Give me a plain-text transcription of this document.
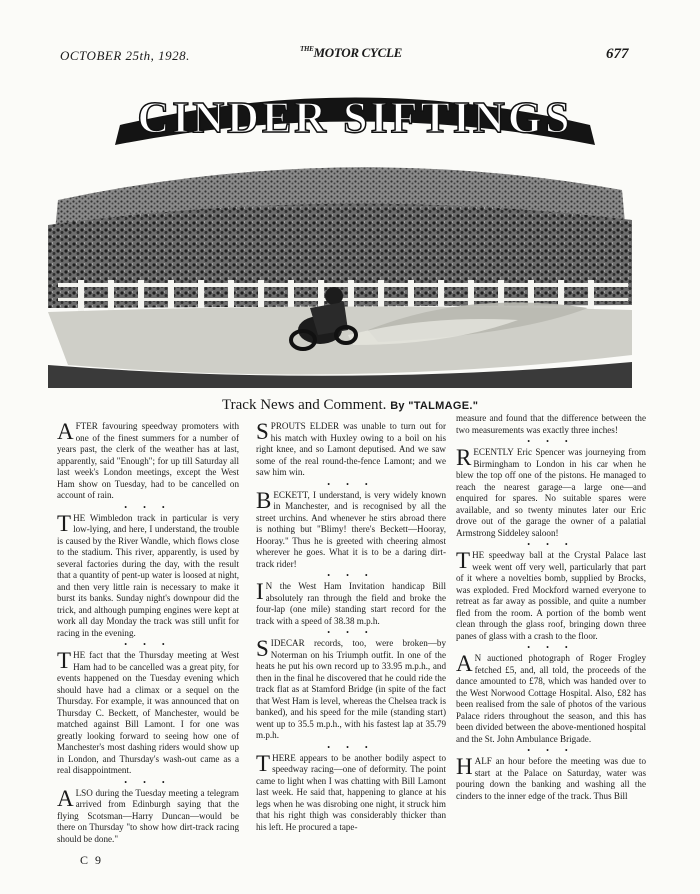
OCTOBER 25th, 1928.	$^{THE}$MOTOR CYCLE	677
CINDER SIFTINGS
Track News and Comment. By "TALMAGE."

AFTER favouring speedway promoters with one of the finest summers for a number of years past, the clerk of the weather has at last, apparently, said "Enough"; for up till Saturday all last week's London meetings, except the West Ham show on Tuesday, had to be cancelled on account of rain.

• • •

THE Wimbledon track in particular is very low-lying, and here, I understand, the trouble is caused by the River Wandle, which flows close to the stadium. This river, apparently, is used by several factories during the day, with the result that a quantity of pent-up water is loosed at night, and then very little rain is necessary to make it burst its banks. Sunday night's downpour did the trick, and although pumping engines were kept at work all day Monday the track was still unfit for racing in the evening.

• • •

THE fact that the Thursday meeting at West Ham had to be cancelled was a great pity, for events happened on the Tuesday evening which should have had a climax or a sequel on the Thursday. For example, it was announced that on Thursday C. Beckett, of Manchester, would be matched against Bill Lamont. I for one was greatly looking forward to seeing how one of Manchester's most dashing riders would show up in London, and Thursday's wash-out came as a real disappointment.

• • •

ALSO during the Tuesday meeting a telegram arrived from Edinburgh saying that the flying Scotsman—Harry Duncan—would be there on Thursday "to show how dirt-track racing should be done."

SPROUTS ELDER was unable to turn out for his match with Huxley owing to a boil on his right knee, and so Lamont deputised. And we saw some of the real round-the-fence Lamont; and we saw him win.

• • •

BECKETT, I understand, is very widely known in Manchester, and is recognised by all the street urchins. And whenever he stirs abroad there is nothing but "Blimy! there's Beckett—Hooray, Hooray." Thus he is greeted with cheering almost wherever he goes. What it is to be a daring dirt-track rider!

• • •

I N the West Ham Invitation handicap Bill absolutely ran through the field and broke the four-lap (one mile) standing start record for the track with a speed of 38.38 m.p.h.

• • •

SIDECAR records, too, were broken—by Noterman on his Triumph outfit. In one of the heats he put his own record up to 33.95 m.p.h., and then in the final he discovered that he could ride the track flat as at Stamford Bridge (in spite of the fact that West Ham is level, whereas the Chelsea track is banked), and his speed for the mile (standing start) went up to 35.5 m.p.h., with his fastest lap at 35.79 m.p.h.

• • •

THERE appears to be another bodily aspect to speedway racing—one of deformity. The point came to light when I was chatting with Bill Lamont last week. He said that, happening to glance at his legs when he was disrobing one night, it struck him that his right thigh was considerably thicker than his left. He procured a tape-

measure and found that the difference between the two measurements was exactly three inches!

• • •

RECENTLY Eric Spencer was journeying from Birmingham to London in his car when he blew the top off one of the pistons. He managed to reach the nearest garage—a large one—and enquired for spares. No suitable spares were available, and so twenty minutes later our Eric drove out of the garage the owner of a palatial Armstrong Siddeley saloon!

• • •

THE speedway ball at the Crystal Palace last week went off very well, particularly that part of it where a novelties bomb, supplied by Brocks, was exploded. Fred Mockford warned everyone to retreat as far away as possible, and quite a number fled from the room. A portion of the bomb went clean through the glass roof, bringing down three panes of glass with a crash to the floor.

• • •

A N auctioned photograph of Roger Frogley fetched £5, and, all told, the proceeds of the dance amounted to £78, which was handed over to the West Norwood Cottage Hospital. Also, £82 has been realised from the sale of photos of the various Palace riders throughout the season, and this has been divided between the above-mentioned hospital and the St. John Ambulance Brigade.

• • •

HALF an hour before the meeting was due to start at the Palace on Saturday, water was pouring down the banking and washing all the cinders to the inner edge of the track. Thus Bill

C 9
